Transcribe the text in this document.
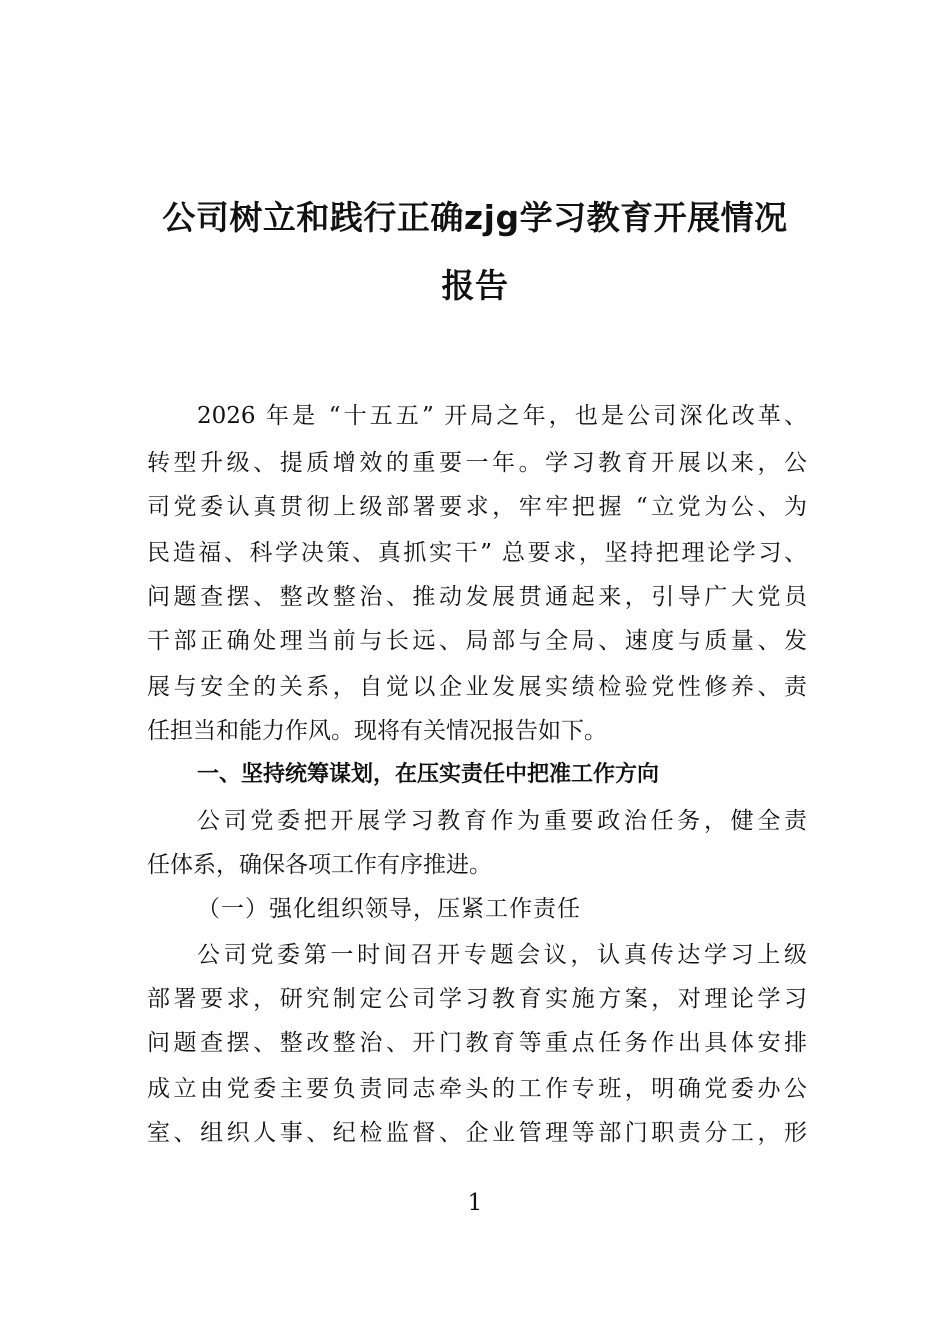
公司树立和践行正确zjg学习教育开展情况
报告
2026 年是 “十五五” 开局之年，也是公司深化改革、
转型升级、提质增效的重要一年。学习教育开展以来，公
司党委认真贯彻上级部署要求，牢牢把握 “立党为公、为
民造福、科学决策、真抓实干” 总要求，坚持把理论学习、
问题查摆、整改整治、推动发展贯通起来，引导广大党员
干部正确处理当前与长远、局部与全局、速度与质量、发
展与安全的关系，自觉以企业发展实绩检验党性修养、责
任担当和能力作风。现将有关情况报告如下。
一、坚持统筹谋划，在压实责任中把准工作方向
公司党委把开展学习教育作为重要政治任务，健全责
任体系，确保各项工作有序推进。
（一）强化组织领导，压紧工作责任
公司党委第一时间召开专题会议，认真传达学习上级
部署要求，研究制定公司学习教育实施方案，对理论学习
问题查摆、整改整治、开门教育等重点任务作出具体安排
成立由党委主要负责同志牵头的工作专班，明确党委办公
室、组织人事、纪检监督、企业管理等部门职责分工，形
1
